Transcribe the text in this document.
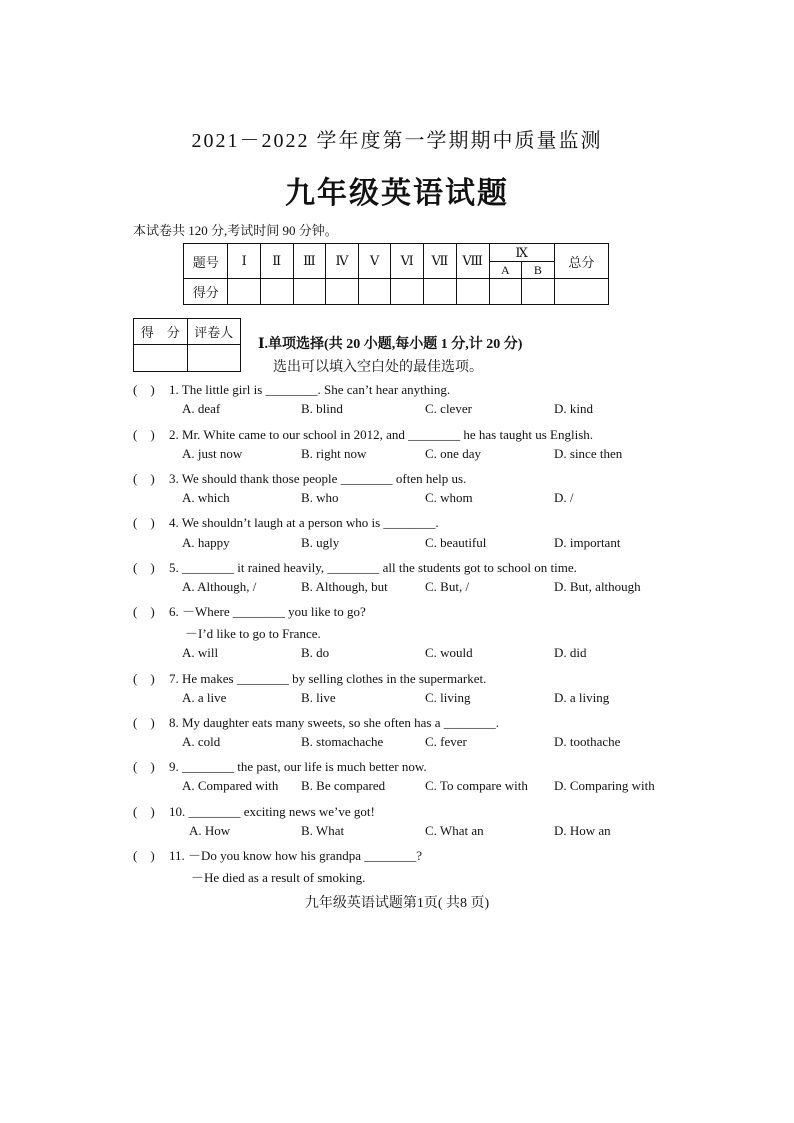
2021－2022 学年度第一学期期中质量监测
九年级英语试题
本试卷共 120 分,考试时间 90 分钟。
题号	Ⅰ	Ⅱ	Ⅲ	Ⅳ	Ⅴ	Ⅵ	Ⅶ	Ⅷ	Ⅸ		总分
									A	B	
得分											
得　分	评卷人
Ⅰ.单项选择(共 20 小题,每小题 1 分,计 20 分)
选出可以填入空白处的最佳选项。
(　) 1. The little girl is ________. She can’t hear anything.
A. deaf	B. blind	C. clever	D. kind
(　) 2. Mr. White came to our school in 2012, and ________ he has taught us English.
A. just now	B. right now	C. one day	D. since then
(　) 3. We should thank those people ________ often help us.
A. which	B. who	C. whom	D. /
(　) 4. We shouldn’t laugh at a person who is ________.
A. happy	B. ugly	C. beautiful	D. important
(　) 5. ________ it rained heavily, ________ all the students got to school on time.
A. Although, /	B. Although, but	C. But, /	D. But, although
(　) 6. －Where ________ you like to go?
－I’d like to go to France.
A. will	B. do	C. would	D. did
(　) 7. He makes ________ by selling clothes in the supermarket.
A. a live	B. live	C. living	D. a living
(　) 8. My daughter eats many sweets, so she often has a ________.
A. cold	B. stomachache	C. fever	D. toothache
(　) 9. ________ the past, our life is much better now.
A. Compared with B. Be compared	C. To compare with D. Comparing with
(　) 10. ________ exciting news we’ve got!
A. How	B. What	C. What an	D. How an
(　) 11. －Do you know how his grandpa ________?
－He died as a result of smoking.
九年级英语试题第1页( 共8 页)
